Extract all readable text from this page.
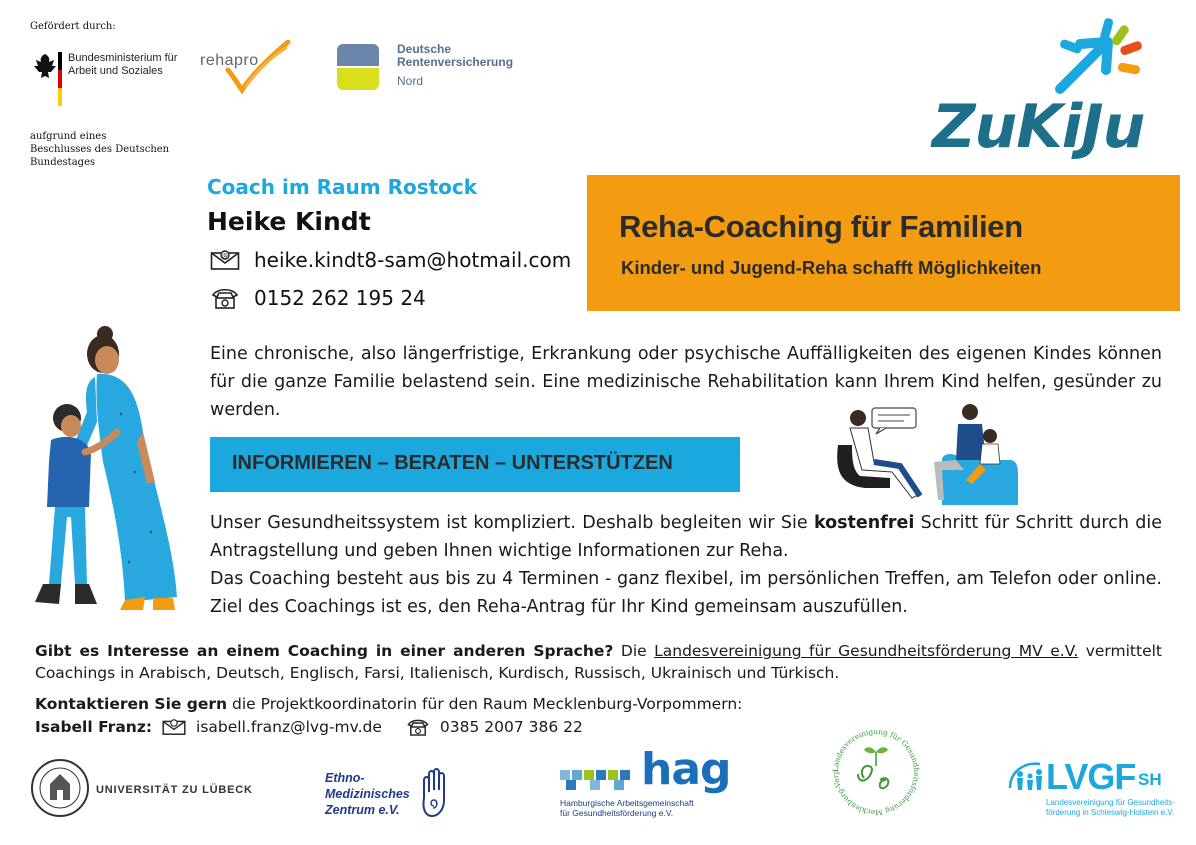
Gefördert durch:
Bundesministerium für Arbeit und Soziales
aufgrund eines Beschlusses des Deutschen Bundestages
rehapro
Deutsche
Rentenversicherung
Nord
ZuKiJu
Coach im Raum Rostock
Heike Kindt
@ heike.kindt8-sam@hotmail.com
0152 262 195 24
Reha-Coaching für Familien
Kinder- und Jugend-Reha schafft Möglichkeiten
Eine chronische, also längerfristige, Erkrankung oder psychische Auffälligkeiten des eigenen Kindes können für die ganze Familie belastend sein. Eine medizinische Rehabilitation kann Ihrem Kind helfen, gesünder zu werden.
INFORMIEREN – BERATEN – UNTERSTÜTZEN
Unser Gesundheitssystem ist kompliziert. Deshalb begleiten wir Sie kostenfrei Schritt für Schritt durch die Antragstellung und geben Ihnen wichtige Informationen zur Reha.
Das Coaching besteht aus bis zu 4 Terminen - ganz flexibel, im persönlichen Treffen, am Telefon oder online. Ziel des Coachings ist es, den Reha-Antrag für Ihr Kind gemeinsam auszufüllen.
Gibt es Interesse an einem Coaching in einer anderen Sprache? Die Landesvereinigung für Gesundheitsförderung MV e.V. vermittelt Coachings in Arabisch, Deutsch, Englisch, Farsi, Italienisch, Kurdisch, Russisch, Ukrainisch und Türkisch.
Kontaktieren Sie gern die Projektkoordinatorin für den Raum Mecklenburg-Vorpommern:
Isabell Franz:	isabell.franz@lvg-mv.de	0385 2007 386 22
UNIVERSITÄT ZU LÜBECK
Ethno-
Medizinisches
Zentrum e.V.
hag
Hamburgische Arbeitsgemeinschaft
für Gesundheitsförderung e.V.
Landesvereinigung für Gesundheitsförderung Mecklenburg-Vorp	LVGF SH
Landesvereinigung für Gesundheits-
förderung in Schleswig-Holstein e.V.
